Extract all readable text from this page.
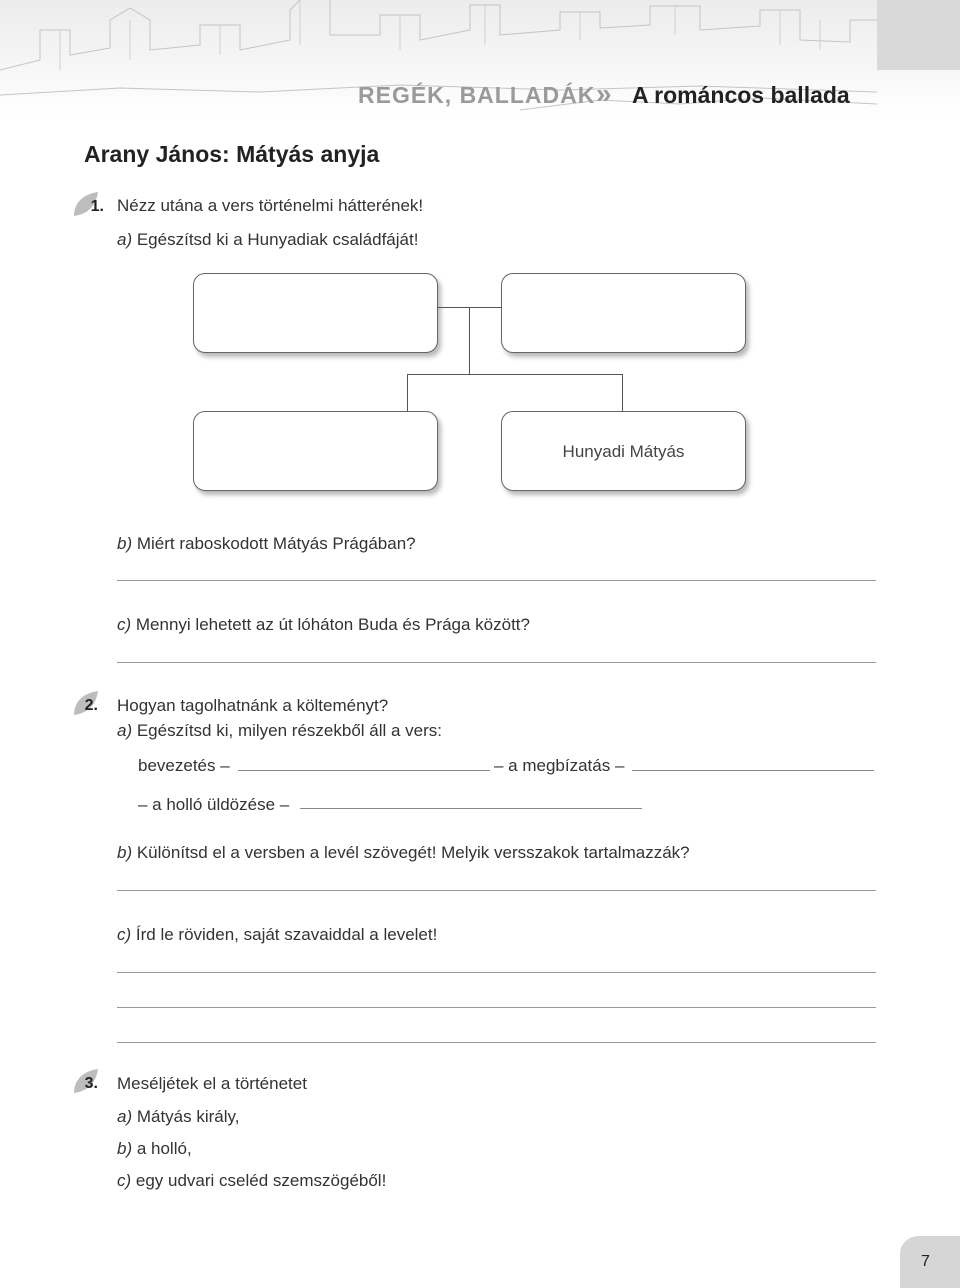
REGÉK, BALLADÁK » A románcos ballada
Arany János: Mátyás anyja
1. Nézz utána a vers történelmi hátterének!
a) Egészítsd ki a Hunyadiak családfáját!
Hunyadi Mátyás
b) Miért raboskodott Mátyás Prágában?
c) Mennyi lehetett az út lóháton Buda és Prága között?
2. Hogyan tagolhatnánk a költeményt?
a) Egészítsd ki, milyen részekből áll a vers:
bevezetés –	– a megbízatás –
– a holló üldözése –
b) Különítsd el a versben a levél szövegét! Melyik versszakok tartalmazzák?
c) Írd le röviden, saját szavaiddal a levelet!
3. Meséljétek el a történetet
a) Mátyás király,
b) a holló,
c) egy udvari cseléd szemszögéből!
7
